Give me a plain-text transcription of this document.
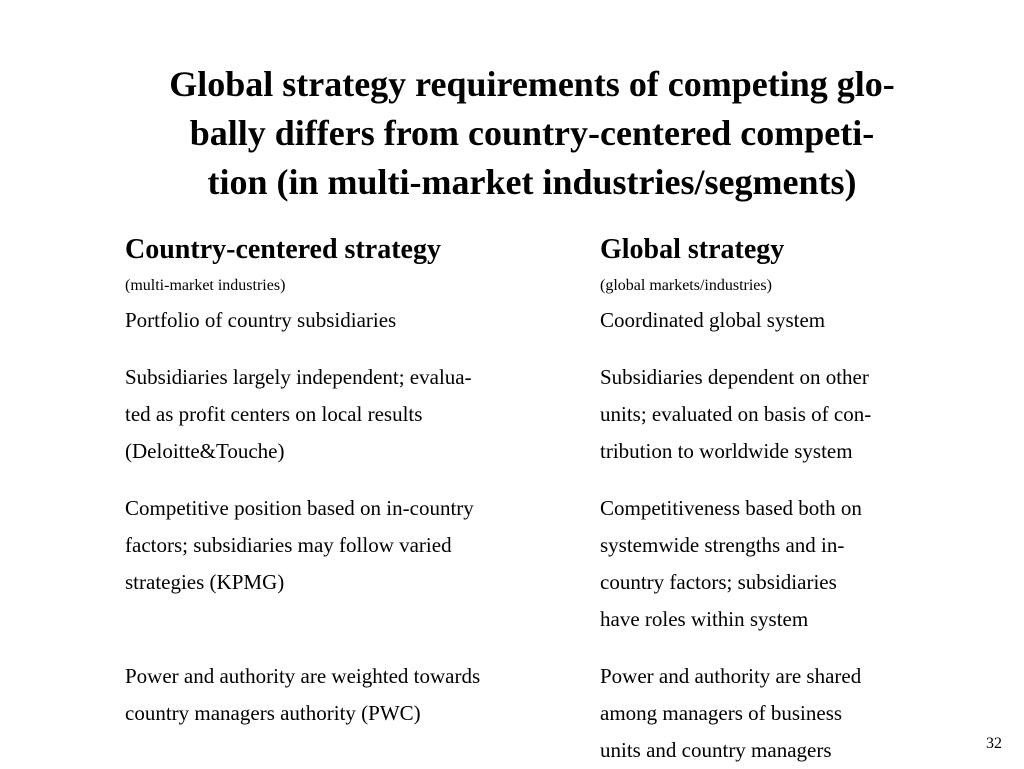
Global strategy requirements of competing glo-
bally differs from country-centered competi-
tion (in multi-market industries/segments)
Country-centered strategy
(multi-market industries)
Portfolio of country subsidiaries
Subsidiaries largely independent; evalua-
ted as profit centers on local results
(Deloitte&Touche)
Competitive position based on in-country
factors; subsidiaries may follow varied
strategies (KPMG)
Power and authority are weighted towards
country managers authority (PWC)
Global strategy
(global markets/industries)
Coordinated global system
Subsidiaries dependent on other
units; evaluated on basis of con-
tribution to worldwide system
Competitiveness based both on
systemwide strengths and in-
country factors; subsidiaries
have roles within system
Power and authority are shared
among managers of business
units and country managers	32
